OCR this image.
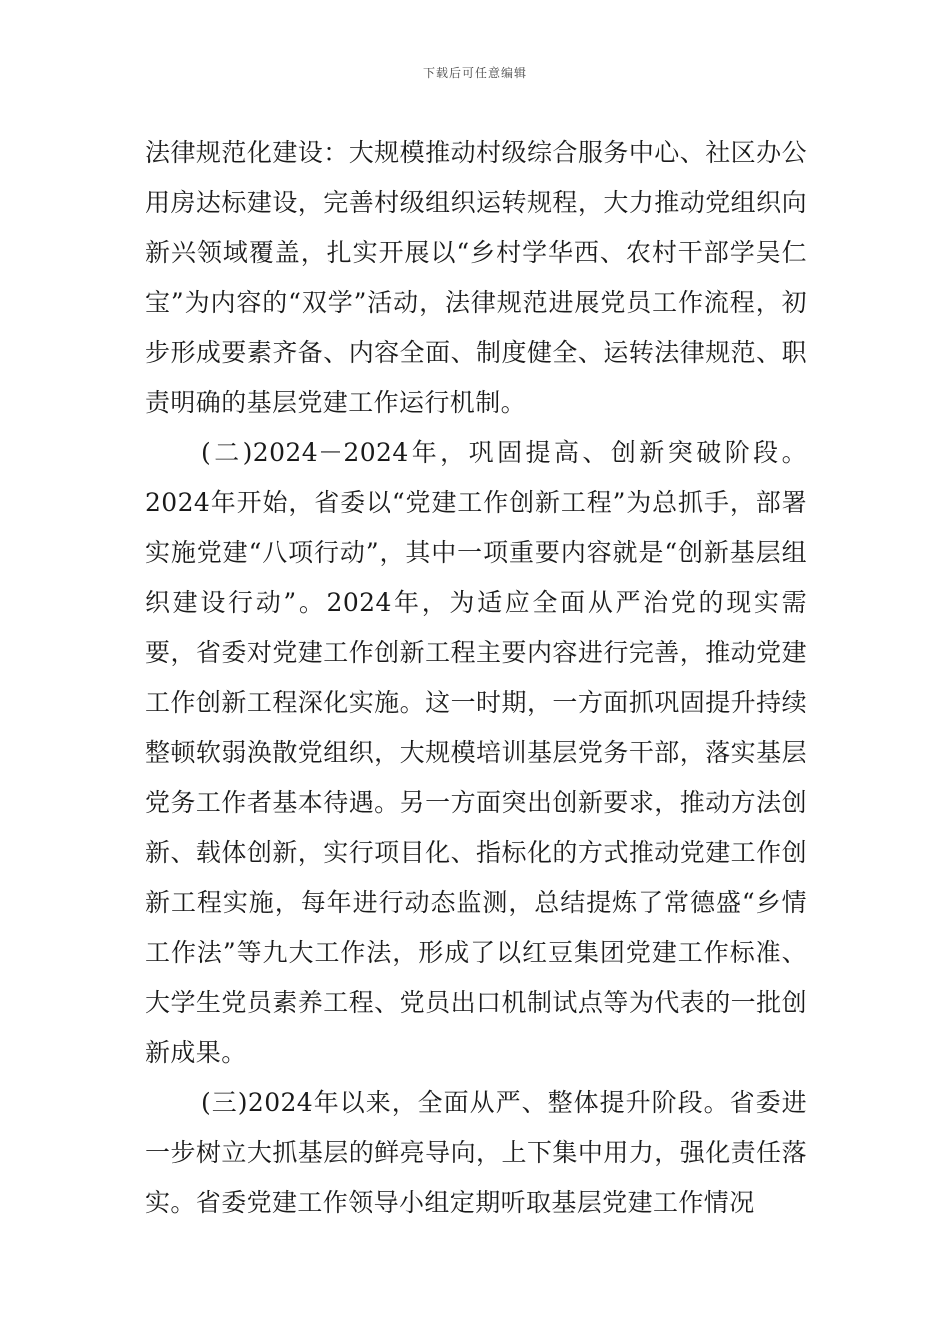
下载后可任意编辑

法律规范化建设：大规模推动村级综合服务中心、社区办公用房达标建设，完善村级组织运转规程，大力推动党组织向新兴领域覆盖，扎实开展以“乡村学华西、农村干部学吴仁宝”为内容的“双学”活动，法律规范进展党员工作流程，初步形成要素齐备、内容全面、制度健全、运转法律规范、职责明确的基层党建工作运行机制。

(二)2024－2024年，巩固提高、创新突破阶段。2024年开始，省委以“党建工作创新工程”为总抓手，部署实施党建“八项行动”，其中一项重要内容就是“创新基层组织建设行动”。2024年，为适应全面从严治党的现实需要，省委对党建工作创新工程主要内容进行完善，推动党建工作创新工程深化实施。这一时期，一方面抓巩固提升持续整顿软弱涣散党组织，大规模培训基层党务干部，落实基层党务工作者基本待遇。另一方面突出创新要求，推动方法创新、载体创新，实行项目化、指标化的方式推动党建工作创新工程实施，每年进行动态监测，总结提炼了常德盛“乡情工作法”等九大工作法，形成了以红豆集团党建工作标准、大学生党员素养工程、党员出口机制试点等为代表的一批创新成果。

(三)2024年以来，全面从严、整体提升阶段。省委进一步树立大抓基层的鲜亮导向，上下集中用力，强化责任落实。省委党建工作领导小组定期听取基层党建工作情况
